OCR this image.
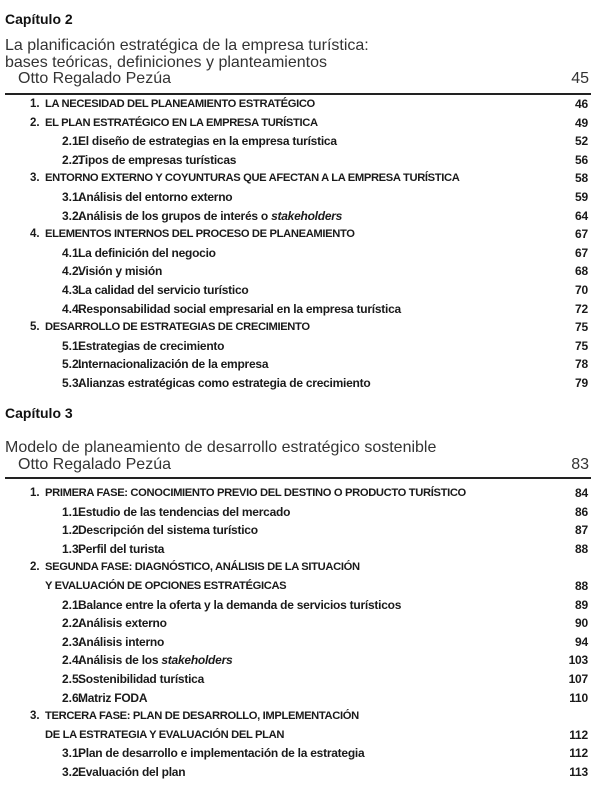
Capítulo 2
La planificación estratégica de la empresa turística:
bases teóricas, definiciones y planteamientos
Otto Regalado Pezúa	45
1. LA NECESIDAD DEL PLANEAMIENTO ESTRATÉGICO	46
2. EL PLAN ESTRATÉGICO EN LA EMPRESA TURÍSTICA	49
2.1.
El diseño de estrategias en la empresa turística	52
2.2.
Tipos de empresas turísticas	56
3. ENTORNO EXTERNO Y COYUNTURAS QUE AFECTAN A LA EMPRESA TURÍSTICA	58
3.1.
Análisis del entorno externo	59
3.2.
Análisis de los grupos de interés o stakeholders	64
4. ELEMENTOS INTERNOS DEL PROCESO DE PLANEAMIENTO	67
4.1.
La definición del negocio	67
4.2.
Visión y misión	68
4.3.
La calidad del servicio turístico	70
4.4.
Responsabilidad social empresarial en la empresa turística	72
5. DESARROLLO DE ESTRATEGIAS DE CRECIMIENTO	75
5.1.
Estrategias de crecimiento	75
5.2.
Internacionalización de la empresa	78
5.3.
Alianzas estratégicas como estrategia de crecimiento	79
Capítulo 3
Modelo de planeamiento de desarrollo estratégico sostenible
Otto Regalado Pezúa	83
1. PRIMERA FASE: CONOCIMIENTO PREVIO DEL DESTINO O PRODUCTO TURÍSTICO	84
1.1.
Estudio de las tendencias del mercado	86
1.2.
Descripción del sistema turístico	87
1.3.
Perfil del turista	88
2. SEGUNDA FASE: DIAGNÓSTICO, ANÁLISIS DE LA SITUACIÓN
Y EVALUACIÓN DE OPCIONES ESTRATÉGICAS	88
2.1.
Balance entre la oferta y la demanda de servicios turísticos	89
2.2.
Análisis externo	90
2.3.
Análisis interno	94
2.4.
Análisis de los stakeholders	103
2.5.
Sostenibilidad turística	107
2.6.
Matriz FODA	110
3. TERCERA FASE: PLAN DE DESARROLLO, IMPLEMENTACIÓN
DE LA ESTRATEGIA Y EVALUACIÓN DEL PLAN	112
3.1.
Plan de desarrollo e implementación de la estrategia	112
3.2.
Evaluación del plan	113
